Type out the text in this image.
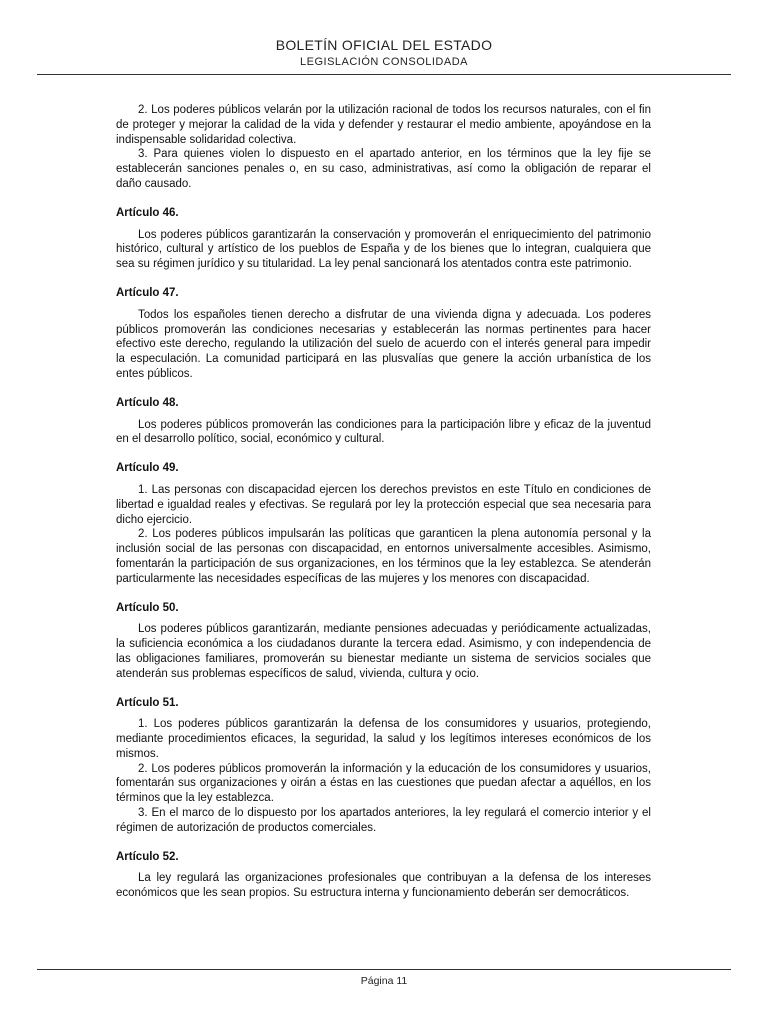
BOLETÍN OFICIAL DEL ESTADO
LEGISLACIÓN CONSOLIDADA

2. Los poderes públicos velarán por la utilización racional de todos los recursos naturales, con el fin de proteger y mejorar la calidad de la vida y defender y restaurar el medio ambiente, apoyándose en la indispensable solidaridad colectiva.

3. Para quienes violen lo dispuesto en el apartado anterior, en los términos que la ley fije se establecerán sanciones penales o, en su caso, administrativas, así como la obligación de reparar el daño causado.

Artículo 46.

Los poderes públicos garantizarán la conservación y promoverán el enriquecimiento del patrimonio histórico, cultural y artístico de los pueblos de España y de los bienes que lo integran, cualquiera que sea su régimen jurídico y su titularidad. La ley penal sancionará los atentados contra este patrimonio.

Artículo 47.

Todos los españoles tienen derecho a disfrutar de una vivienda digna y adecuada. Los poderes públicos promoverán las condiciones necesarias y establecerán las normas pertinentes para hacer efectivo este derecho, regulando la utilización del suelo de acuerdo con el interés general para impedir la especulación. La comunidad participará en las plusvalías que genere la acción urbanística de los entes públicos.

Artículo 48.

Los poderes públicos promoverán las condiciones para la participación libre y eficaz de la juventud en el desarrollo político, social, económico y cultural.

Artículo 49.

1. Las personas con discapacidad ejercen los derechos previstos en este Título en condiciones de libertad e igualdad reales y efectivas. Se regulará por ley la protección especial que sea necesaria para dicho ejercicio.

2. Los poderes públicos impulsarán las políticas que garanticen la plena autonomía personal y la inclusión social de las personas con discapacidad, en entornos universalmente accesibles. Asimismo, fomentarán la participación de sus organizaciones, en los términos que la ley establezca. Se atenderán particularmente las necesidades específicas de las mujeres y los menores con discapacidad.

Artículo 50.

Los poderes públicos garantizarán, mediante pensiones adecuadas y periódicamente actualizadas, la suficiencia económica a los ciudadanos durante la tercera edad. Asimismo, y con independencia de las obligaciones familiares, promoverán su bienestar mediante un sistema de servicios sociales que atenderán sus problemas específicos de salud, vivienda, cultura y ocio.

Artículo 51.

1. Los poderes públicos garantizarán la defensa de los consumidores y usuarios, protegiendo, mediante procedimientos eficaces, la seguridad, la salud y los legítimos intereses económicos de los mismos.

2. Los poderes públicos promoverán la información y la educación de los consumidores y usuarios, fomentarán sus organizaciones y oirán a éstas en las cuestiones que puedan afectar a aquéllos, en los términos que la ley establezca.

3. En el marco de lo dispuesto por los apartados anteriores, la ley regulará el comercio interior y el régimen de autorización de productos comerciales.

Artículo 52.

La ley regulará las organizaciones profesionales que contribuyan a la defensa de los intereses económicos que les sean propios. Su estructura interna y funcionamiento deberán ser democráticos.

Página 11
